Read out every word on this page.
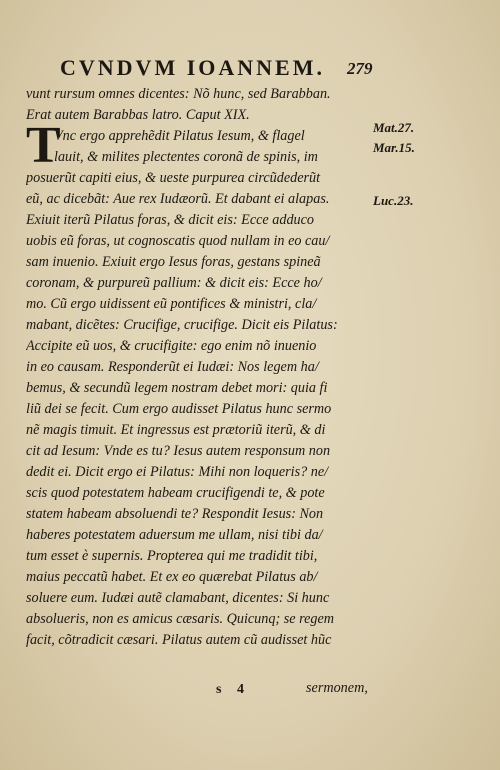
CVNDVM IOANNEM. 279
T
vunt rursum omnes dicentes: Nõ hunc, sed Barabban.
Erat autem Barabbas latro. Caput XIX.
Vnc ergo apprehẽdit Pilatus Iesum, & flagel
lauit, & milites plectentes coronã de spinis, im
posuerũt capiti eius, & ueste purpurea circũdederũt
eũ, ac dicebãt: Aue rex Iudæorũ. Et dabant ei alapas.
Exiuit iterũ Pilatus foras, & dicit eis: Ecce adduco
uobis eũ foras, ut cognoscatis quod nullam in eo cau/
sam inuenio. Exiuit ergo Iesus foras, gestans spineã
coronam, & purpureũ pallium: & dicit eis: Ecce ho/
mo. Cũ ergo uidissent eũ pontifices & ministri, cla/
mabant, dicẽtes: Crucifige, crucifige. Dicit eis Pilatus:
Accipite eũ uos, & crucifigite: ego enim nõ inuenio
in eo causam. Responderũt ei Iudæi: Nos legem ha/
bemus, & secundũ legem nostram debet mori: quia fi
liũ dei se fecit. Cum ergo audisset Pilatus hunc sermo
nẽ magis timuit. Et ingressus est prætoriũ iterũ, & di
cit ad Iesum: Vnde es tu? Iesus autem responsum non
dedit ei. Dicit ergo ei Pilatus: Mihi non loqueris? ne/
scis quod potestatem habeam crucifigendi te, & pote
statem habeam absoluendi te? Respondit Iesus: Non
haberes potestatem aduersum me ullam, nisi tibi da/
tum esset è supernis. Propterea qui me tradidit tibi,
maius peccatũ habet. Et ex eo quærebat Pilatus ab/
soluere eum. Iudæi autẽ clamabant, dicentes: Si hunc
absolueris, non es amicus cæsaris. Quicunq; se regem
facit, cõtradicit cæsari. Pilatus autem cũ audisset hũc
Mat.27.
Mar.15.
Luc.23.
s 4	sermonem,
